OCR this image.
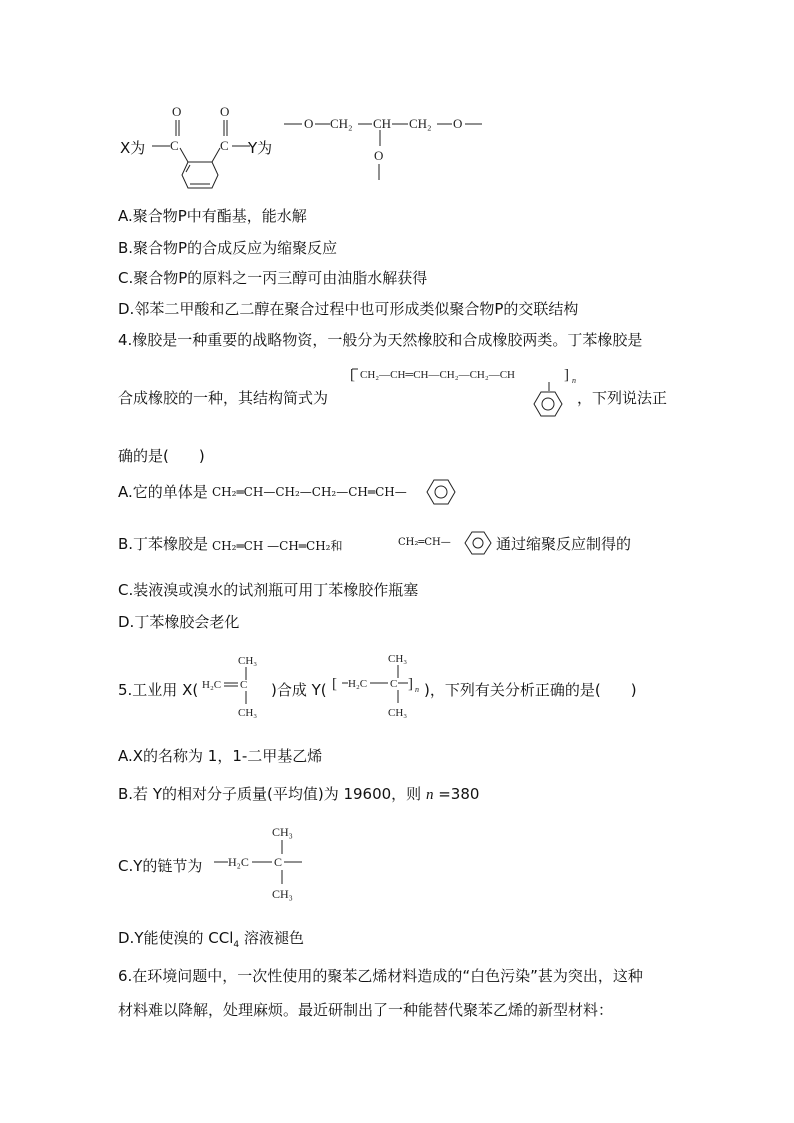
X为
O	O
C	C Y为
O CH₂ CH CH₂ O
O
A.聚合物P中有酯基，能水解
B.聚合物P的合成反应为缩聚反应
C.聚合物P的原料之一丙三醇可由油脂水解获得
D.邻苯二甲酸和乙二醇在聚合过程中也可形成类似聚合物P的交联结构
4.橡胶是一种重要的战略物资，一般分为天然橡胶和合成橡胶两类。丁苯橡胶是
合成橡胶的一种，其结构简式为
[ CH₂—CH═CH—CH₂—CH₂—CH	] n
，下列说法正
确的是(　　)
A.它的单体是 CH₂═CH—CH₂—CH₂—CH═CH—
B.丁苯橡胶是 CH₂═CH —CH═CH₂和	CH₂═CH—	通过缩聚反应制得的
C.装液溴或溴水的试剂瓶可用丁苯橡胶作瓶塞
D.丁苯橡胶会老化
5.工业用 X(
CH₃
H₂C C
CH₃
)合成 Y(
CH₃
[ H₂C C ] n
CH₃
)，下列有关分析正确的是(　　)
A.X的名称为 1，1-二甲基乙烯
B.若 Y的相对分子质量(平均值)为 19600，则 n =380
C.Y的链节为
CH₃
H₂C C
CH₃
D.Y能使溴的 CCl$_4$ 溶液褪色
6.在环境问题中，一次性使用的聚苯乙烯材料造成的“白色污染”甚为突出，这种
材料难以降解，处理麻烦。最近研制出了一种能替代聚苯乙烯的新型材料：
